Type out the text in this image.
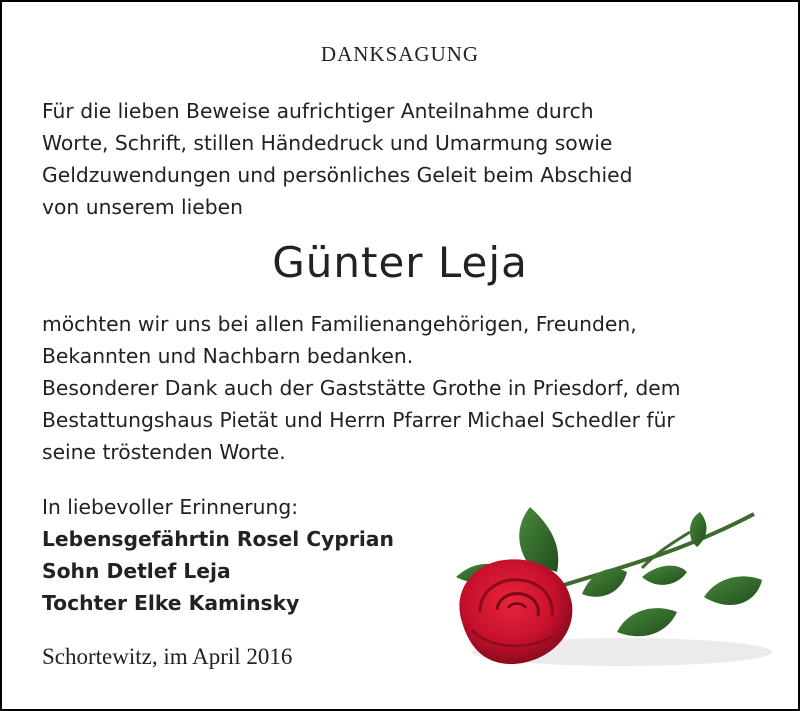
DANKSAGUNG
Für die lieben Beweise aufrichtiger Anteilnahme durch
Worte, Schrift, stillen Händedruck und Umarmung sowie
Geldzuwendungen und persönliches Geleit beim Abschied
von unserem lieben
Günter Leja
möchten wir uns bei allen Familienangehörigen, Freunden,
Bekannten und Nachbarn bedanken.
Besonderer Dank auch der Gaststätte Grothe in Priesdorf, dem
Bestattungshaus Pietät und Herrn Pfarrer Michael Schedler für
seine tröstenden Worte.
In liebevoller Erinnerung:
Lebensgefährtin Rosel Cyprian
Sohn Detlef Leja
Tochter Elke Kaminsky
Schortewitz, im April 2016
